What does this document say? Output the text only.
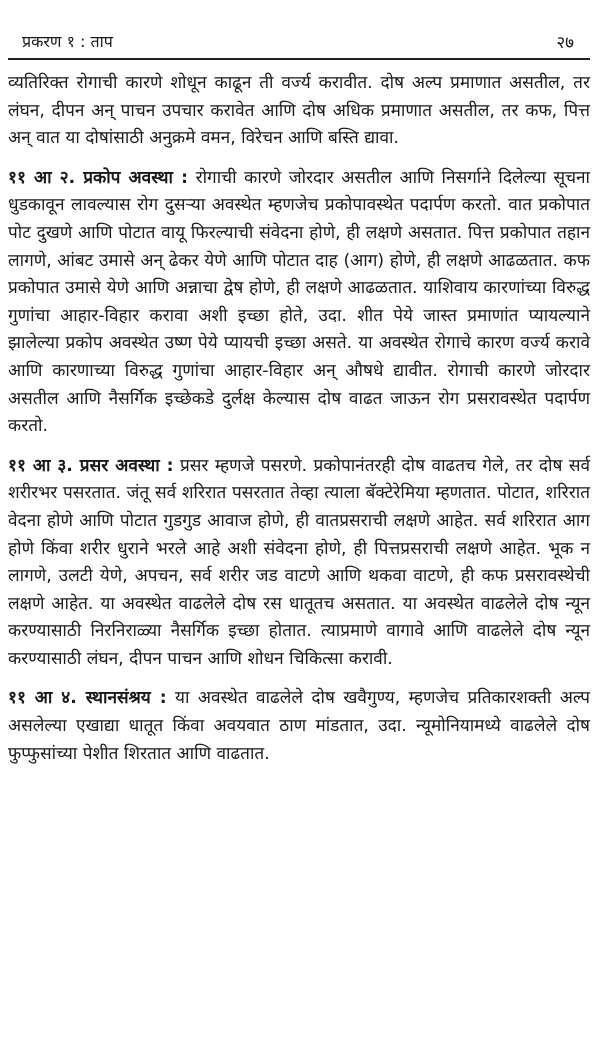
प्रकरण १ : ताप	२७

व्यतिरिक्त रोगाची कारणे शोधून काढून ती वर्ज्य करावीत. दोष अल्प प्रमाणात असतील, तर लंघन, दीपन अन् पाचन उपचार करावेत आणि दोष अधिक प्रमाणात असतील, तर कफ, पित्त अन् वात या दोषांसाठी अनुक्रमे वमन, विरेचन आणि बस्ति द्यावा.

११ आ २. प्रकोप अवस्था : रोगाची कारणे जोरदार असतील आणि निसर्गाने दिलेल्या सूचना धुडकावून लावल्यास रोग दुसऱ्या अवस्थेत म्हणजेच प्रकोपावस्थेत पदार्पण करतो. वात प्रकोपात पोट दुखणे आणि पोटात वायू फिरल्याची संवेदना होणे, ही लक्षणे असतात. पित्त प्रकोपात तहान लागणे, आंबट उमासे अन् ढेकर येणे आणि पोटात दाह (आग) होणे, ही लक्षणे आढळतात. कफ प्रकोपात उमासे येणे आणि अन्नाचा द्वेष होणे, ही लक्षणे आढळतात. याशिवाय कारणांच्या विरुद्ध गुणांचा आहार-विहार करावा अशी इच्छा होते, उदा. शीत पेये जास्त प्रमाणांत प्यायल्याने झालेल्या प्रकोप अवस्थेत उष्ण पेये प्यायची इच्छा असते. या अवस्थेत रोगाचे कारण वर्ज्य करावे आणि कारणाच्या विरुद्ध गुणांचा आहार-विहार अन् औषधे द्यावीत. रोगाची कारणे जोरदार असतील आणि नैसर्गिक इच्छेकडे दुर्लक्ष केल्यास दोष वाढत जाऊन रोग प्रसरावस्थेत पदार्पण करतो.

११ आ ३. प्रसर अवस्था : प्रसर म्हणजे पसरणे. प्रकोपानंतरही दोष वाढतच गेले, तर दोष सर्व शरीरभर पसरतात. जंतू सर्व शरिरात पसरतात तेव्हा त्याला बॅक्टेरेमिया म्हणतात. पोटात, शरिरात वेदना होणे आणि पोटात गुडगुड आवाज होणे, ही वातप्रसराची लक्षणे आहेत. सर्व शरिरात आग होणे किंवा शरीर धुराने भरले आहे अशी संवेदना होणे, ही पित्तप्रसराची लक्षणे आहेत. भूक न लागणे, उलटी येणे, अपचन, सर्व शरीर जड वाटणे आणि थकवा वाटणे, ही कफ प्रसरावस्थेची लक्षणे आहेत. या अवस्थेत वाढलेले दोष रस धातूतच असतात. या अवस्थेत वाढलेले दोष न्यून करण्यासाठी निरनिराळ्या नैसर्गिक इच्छा होतात. त्याप्रमाणे वागावे आणि वाढलेले दोष न्यून करण्यासाठी लंघन, दीपन पाचन आणि शोधन चिकित्सा करावी.

११ आ ४. स्थानसंश्रय : या अवस्थेत वाढलेले दोष खवैगुण्य, म्हणजेच प्रतिकारशक्ती अल्प असलेल्या एखाद्या धातूत किंवा अवयवात ठाण मांडतात, उदा. न्यूमोनियामध्ये वाढलेले दोष फुप्फुसांच्या पेशीत शिरतात आणि वाढतात.
